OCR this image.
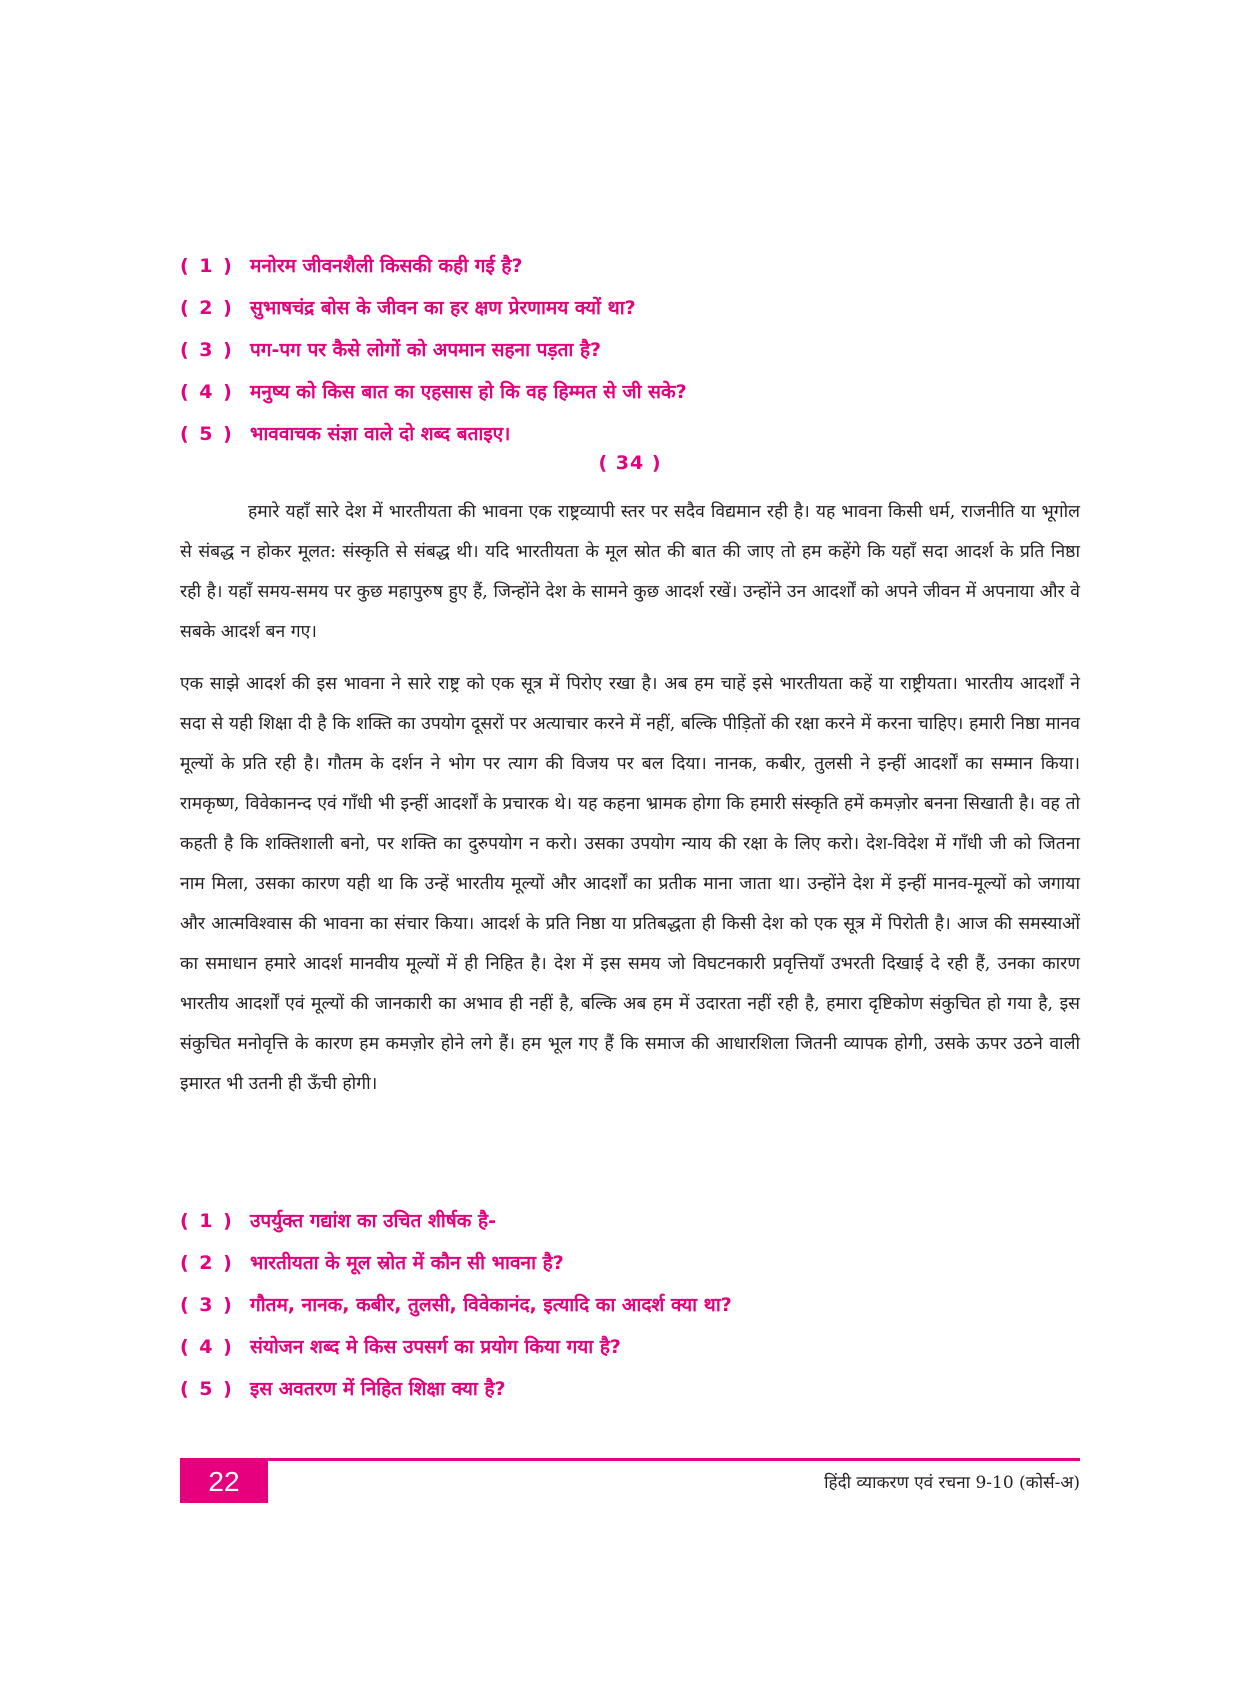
( 1 ) मनोरम जीवनशैली किसकी कही गई है?
( 2 ) सुभाषचंद्र बोस के जीवन का हर क्षण प्रेरणामय क्यों था?
( 3 ) पग-पग पर कैसे लोगों को अपमान सहना पड़ता है?
( 4 ) मनुष्य को किस बात का एहसास हो कि वह हिम्मत से जी सके?
( 5 ) भाववाचक संज्ञा वाले दो शब्द बताइए।
( 34 )

हमारे यहाँ सारे देश में भारतीयता की भावना एक राष्ट्रव्यापी स्तर पर सदैव विद्यमान रही है। यह भावना किसी धर्म, राजनीति या भूगोल से संबद्ध न होकर मूलत: संस्कृति से संबद्ध थी। यदि भारतीयता के मूल स्रोत की बात की जाए तो हम कहेंगे कि यहाँ सदा आदर्श के प्रति निष्ठा रही है। यहाँ समय-समय पर कुछ महापुरुष हुए हैं, जिन्होंने देश के सामने कुछ आदर्श रखें। उन्होंने उन आदर्शों को अपने जीवन में अपनाया और वे सबके आदर्श बन गए।

एक साझे आदर्श की इस भावना ने सारे राष्ट्र को एक सूत्र में पिरोए रखा है। अब हम चाहें इसे भारतीयता कहें या राष्ट्रीयता। भारतीय आदर्शों ने सदा से यही शिक्षा दी है कि शक्ति का उपयोग दूसरों पर अत्याचार करने में नहीं, बल्कि पीड़ितों की रक्षा करने में करना चाहिए। हमारी निष्ठा मानव मूल्यों के प्रति रही है। गौतम के दर्शन ने भोग पर त्याग की विजय पर बल दिया। नानक, कबीर, तुलसी ने इन्हीं आदर्शों का सम्मान किया। रामकृष्ण, विवेकानन्द एवं गाँधी भी इन्हीं आदर्शों के प्रचारक थे। यह कहना भ्रामक होगा कि हमारी संस्कृति हमें कमज़ोर बनना सिखाती है। वह तो कहती है कि शक्तिशाली बनो, पर शक्ति का दुरुपयोग न करो। उसका उपयोग न्याय की रक्षा के लिए करो। देश-विदेश में गाँधी जी को जितना नाम मिला, उसका कारण यही था कि उन्हें भारतीय मूल्यों और आदर्शों का प्रतीक माना जाता था। उन्होंने देश में इन्हीं मानव-मूल्यों को जगाया और आत्मविश्वास की भावना का संचार किया। आदर्श के प्रति निष्ठा या प्रतिबद्धता ही किसी देश को एक सूत्र में पिरोती है। आज की समस्याओं का समाधान हमारे आदर्श मानवीय मूल्यों में ही निहित है। देश में इस समय जो विघटनकारी प्रवृत्तियाँ उभरती दिखाई दे रही हैं, उनका कारण भारतीय आदर्शों एवं मूल्यों की जानकारी का अभाव ही नहीं है, बल्कि अब हम में उदारता नहीं रही है, हमारा दृष्टिकोण संकुचित हो गया है, इस संकुचित मनोवृत्ति के कारण हम कमज़ोर होने लगे हैं। हम भूल गए हैं कि समाज की आधारशिला जितनी व्यापक होगी, उसके ऊपर उठने वाली इमारत भी उतनी ही ऊँची होगी।

( 1 ) उपर्युक्त गद्यांश का उचित शीर्षक है-
( 2 ) भारतीयता के मूल स्रोत में कौन सी भावना है?
( 3 ) गौतम, नानक, कबीर, तुलसी, विवेकानंद, इत्यादि का आदर्श क्या था?
( 4 ) संयोजन शब्द मे किस उपसर्ग का प्रयोग किया गया है?
( 5 ) इस अवतरण में निहित शिक्षा क्या है?
22	हिंदी व्याकरण एवं रचना 9-10 (कोर्स-अ)
